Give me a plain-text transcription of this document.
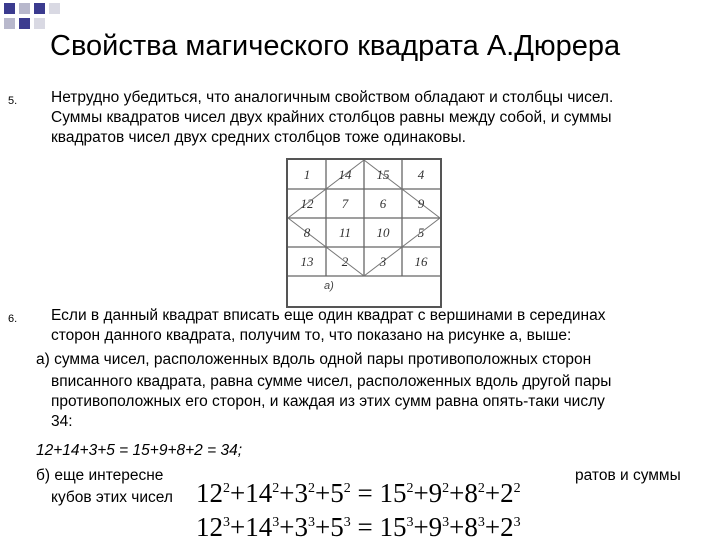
Свойства магического квадрата А.Дюрера
5. Нетрудно убедиться, что аналогичным свойством обладают и столбцы чисел.
Суммы квадратов чисел двух крайних столбцов равны между собой, и суммы
квадратов чисел двух средних столбцов тоже одинаковы.
1 14 15 4
12 7 6 9
8 11 10 5
13 2 3 16
а)
6. Если в данный квадрат вписать еще один квадрат с вершинами в серединах
сторон данного квадрата, получим то, что показано на рисунке а, выше:
а) сумма чисел, расположенных вдоль одной пары противоположных сторон
вписанного квадрата, равна сумме чисел, расположенных вдоль другой пары
противоположных его сторон, и каждая из этих сумм равна опять-таки числу
34:
12+14+3+5 = 15+9+8+2 = 34;
б) еще интересне	ратов и суммы
кубов этих чисел $12^2+14^2+3^2+5^2 = 15^2+9^2+8^2+2^2$
$12^3+14^3+3^3+5^3 = 15^3+9^3+8^3+2^3$
